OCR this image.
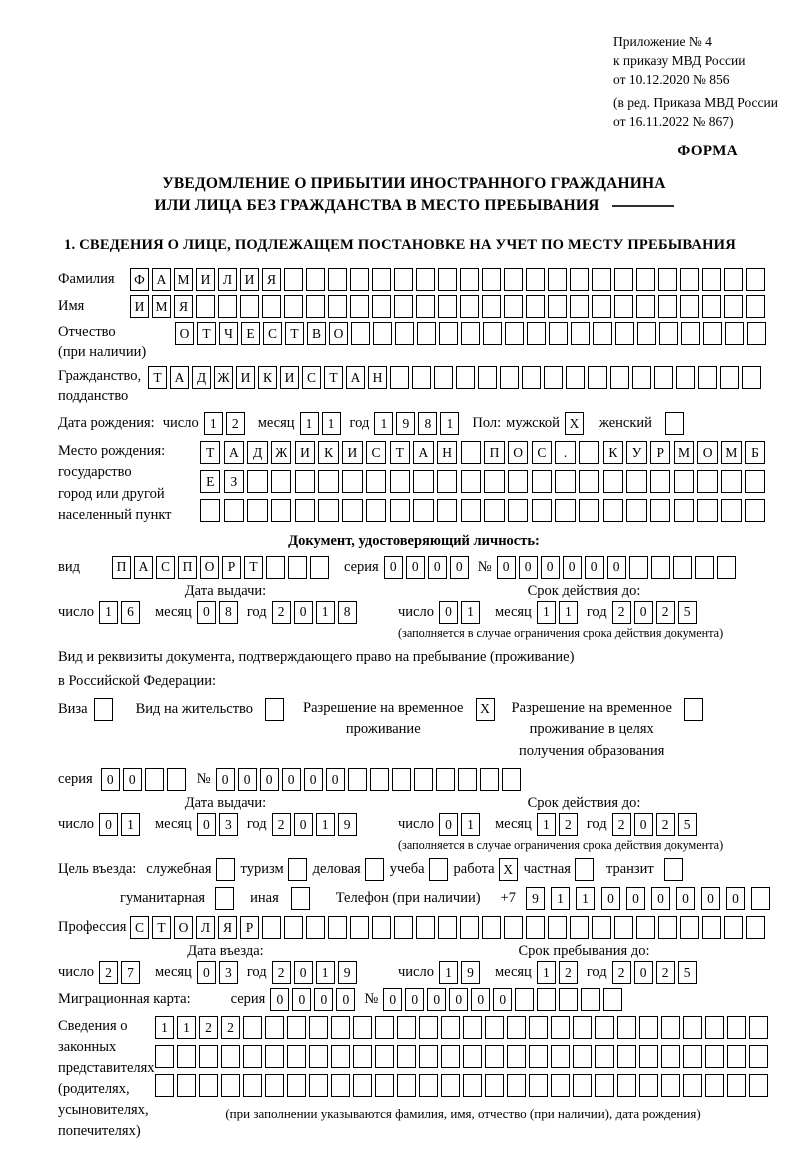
Приложение № 4
к приказу МВД России
от 10.12.2020 № 856
(в ред. Приказа МВД России
от 16.11.2022 № 867)
ФОРМА
УВЕДОМЛЕНИЕ О ПРИБЫТИИ ИНОСТРАННОГО ГРАЖДАНИНА
ИЛИ ЛИЦА БЕЗ ГРАЖДАНСТВА В МЕСТО ПРЕБЫВАНИЯ
1. СВЕДЕНИЯ О ЛИЦЕ, ПОДЛЕЖАЩЕМ ПОСТАНОВКЕ НА УЧЕТ ПО МЕСТУ ПРЕБЫВАНИЯ
Фамилия	Ф А М И Л И Я
Имя	И М Я
Отчество
(при наличии)
О Т Ч Е С Т В О
Гражданство,
подданство
Т А Д Ж И К И С Т А Н
Дата рождения: число 1	2	месяц 1	1	год 1	9	8	1	Пол: мужской X	женский
Место рождения:
государство
город или другой
населенный пункт
Т	А	Д Ж И	К	И	С	Т	А	Н	П	О	С	.	К	У	Р	М О М	Б
Е	З
Документ, удостоверяющий личность:
вид	П А С П О Р	Т	серия 0	0	0	0	№ 0	0	0	0	0	0
Дата выдачи:
число 1	6	месяц 0	8	год 2	0	1	8
Срок действия до:
число 0	1	месяц 1	1	год 2	0	2	5
(заполняется в случае ограничения срока действия документа)
Вид и реквизиты документа, подтверждающего право на пребывание (проживание)
в Российской Федерации:
Виза	Вид на жительство	Разрешение на временное
проживание
X	Разрешение на временное
проживание в целях
получения образования
серия	0	0	№ 0	0	0	0	0	0
Дата выдачи:
число 0	1	месяц 0	3	год 2	0	1	9
Срок действия до:
число 0	1	месяц 1	2	год 2	0	2	5
(заполняется в случае ограничения срока действия документа)
Цель въезда: служебная туризм деловая учеба работа X частная транзит
гуманитарная	иная	Телефон (при наличии) +7	9	1	1	0	0	0	0	0	0
Профессия С Т О Л Я	Р
Дата въезда:
число 2	7	месяц 0	3	год 2	0	1	9
Срок пребывания до:
число 1	9	месяц 1	2	год 2	0	2	5
Миграционная карта:	серия 0	0	0	0	№ 0	0	0	0	0	0
Сведения о
законных
представителях
(родителях,
усыновителях,
попечителях)
1	1	2	2
(при заполнении указываются фамилия, имя, отчество (при наличии), дата рождения)
